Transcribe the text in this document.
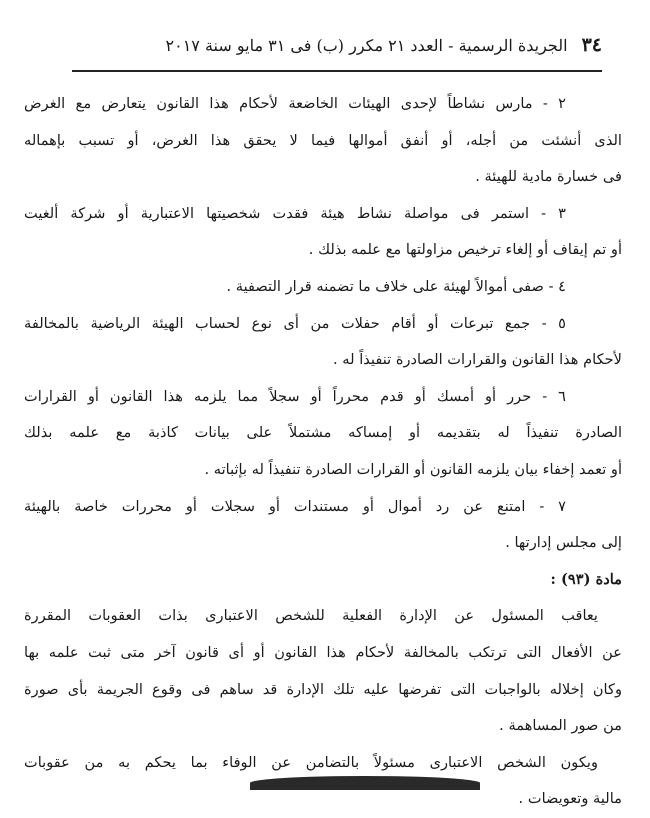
٣٤
الجريدة الرسمية - العدد ٢١ مكرر (ب) فى ٣١ مايو سنة ٢٠١٧
٢ - مارس نشاطاً لإحدى الهيئات الخاضعة لأحكام هذا القانون يتعارض مع الغرض
الذى أنشئت من أجله، أو أنفق أموالها فيما لا يحقق هذا الغرض، أو تسبب بإهماله
فى خسارة مادية للهيئة .
٣ - استمر فى مواصلة نشاط هيئة فقدت شخصيتها الاعتبارية أو شركة ألغيت
أو تم إيقاف أو إلغاء ترخيص مزاولتها مع علمه بذلك .
٤ - صفى أموالاً لهيئة على خلاف ما تضمنه قرار التصفية .
٥ - جمع تبرعات أو أقام حفلات من أى نوع لحساب الهيئة الرياضية بالمخالفة
لأحكام هذا القانون والقرارات الصادرة تنفيذاً له .
٦ - حرر أو أمسك أو قدم محرراً أو سجلاً مما يلزمه هذا القانون أو القرارات
الصادرة تنفيذاً له بتقديمه أو إمساكه مشتملاً على بيانات كاذبة مع علمه بذلك
أو تعمد إخفاء بيان يلزمه القانون أو القرارات الصادرة تنفيذاً له بإثباته .
٧ - امتنع عن رد أموال أو مستندات أو سجلات أو محررات خاصة بالهيئة
إلى مجلس إدارتها .
مادة (٩٣) :
يعاقب المسئول عن الإدارة الفعلية للشخص الاعتبارى بذات العقوبات المقررة
عن الأفعال التى ترتكب بالمخالفة لأحكام هذا القانون أو أى قانون آخر متى ثبت علمه بها
وكان إخلاله بالواجبات التى تفرضها عليه تلك الإدارة قد ساهم فى وقوع الجريمة بأى صورة
من صور المساهمة .
ويكون الشخص الاعتبارى مسئولاً بالتضامن عن الوفاء بما يحكم به من عقوبات
مالية وتعويضات .
